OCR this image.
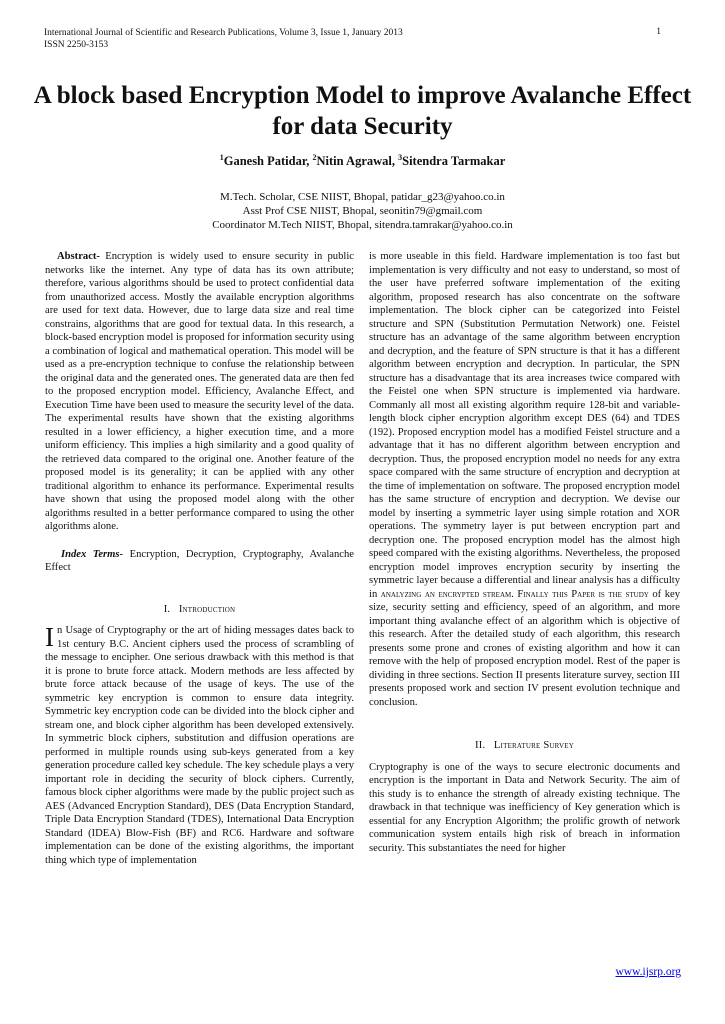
International Journal of Scientific and Research Publications, Volume 3, Issue 1, January 2013
ISSN 2250-3153
1
A block based Encryption Model to improve Avalanche Effect for data Security
$^1$Ganesh Patidar, $^2$Nitin Agrawal, $^3$Sitendra Tarmakar
M.Tech. Scholar, CSE NIIST, Bhopal, patidar_g23@yahoo.co.in
Asst Prof CSE NIIST, Bhopal, seonitin79@gmail.com
Coordinator M.Tech NIIST, Bhopal, sitendra.tamrakar@yahoo.co.in

Abstract- Encryption is widely used to ensure security in public networks like the internet. Any type of data has its own attribute; therefore, various algorithms should be used to protect confidential data from unauthorized access. Mostly the available encryption algorithms are used for text data. However, due to large data size and real time constrains, algorithms that are good for textual data. In this research, a block-based encryption model is proposed for information security using a combination of logical and mathematical operation. This model will be used as a pre-encryption technique to confuse the relationship between the original data and the generated ones. The generated data are then fed to the proposed encryption model. Efficiency, Avalanche Effect, and Execution Time have been used to measure the security level of the data. The experimental results have shown that the existing algorithms resulted in a lower efficiency, a higher execution time, and a more uniform efficiency. This implies a high similarity and a good quality of the retrieved data compared to the original one. Another feature of the proposed model is its generality; it can be applied with any other traditional algorithm to enhance its performance. Experimental results have shown that using the proposed model along with the other algorithms resulted in a better performance compared to using the other algorithms alone.

Index Terms- Encryption, Decryption, Cryptography, Avalanche Effect

I. Introduction

In Usage of Cryptography or the art of hiding messages dates back to 1st century B.C. Ancient ciphers used the process of scrambling of the message to encipher. One serious drawback with this method is that it is prone to brute force attack. Modern methods are less affected by brute force attack because of the usage of keys. The use of the symmetric key encryption is common to ensure data integrity. Symmetric key encryption code can be divided into the block cipher and stream one, and block cipher algorithm has been developed extensively. In symmetric block ciphers, substitution and diffusion operations are performed in multiple rounds using sub-keys generated from a key generation procedure called key schedule. The key schedule plays a very important role in deciding the security of block ciphers. Currently, famous block cipher algorithms were made by the public project such as AES (Advanced Encryption Standard), DES (Data Encryption Standard, Triple Data Encryption Standard (TDES), International Data Encryption Standard (IDEA) Blow-Fish (BF) and RC6. Hardware and software implementation can be done of the existing algorithms, the important thing which type of implementation

is more useable in this field. Hardware implementation is too fast but implementation is very difficulty and not easy to understand, so most of the user have preferred software implementation of the exiting algorithm, proposed research has also concentrate on the software implementation. The block cipher can be categorized into Feistel structure and SPN (Substitution Permutation Network) one. Feistel structure has an advantage of the same algorithm between encryption and decryption, and the feature of SPN structure is that it has a different algorithm between encryption and decryption. In particular, the SPN structure has a disadvantage that its area increases twice compared with the Feistel one when SPN structure is implemented via hardware. Commanly all most all existing algorithm require 128-bit and variable-length block cipher encryption algorithm except DES (64) and TDES (192). Proposed encryption model has a modified Feistel structure and a advantage that it has no different algorithm between encryption and decryption. Thus, the proposed encryption model no needs for any extra space compared with the same structure of encryption and decryption at the time of implementation on software. The proposed encryption model has the same structure of encryption and decryption. We devise our model by inserting a symmetric layer using simple rotation and XOR operations. The symmetry layer is put between encryption part and decryption one. The proposed encryption model has the almost high speed compared with the existing algorithms. Nevertheless, the proposed encryption model improves encryption security by inserting the symmetric layer because a differential and linear analysis has a difficulty in analyzing an encrypted stream. Finally this Paper is the study of key size, security setting and efficiency, speed of an algorithm, and more important thing avalanche effect of an algorithm which is objective of this research. After the detailed study of each algorithm, this research presents some prone and crones of existing algorithm and how it can remove with the help of proposed encryption model. Rest of the paper is dividing in three sections. Section II presents literature survey, section III presents proposed work and section IV present evolution technique and conclusion.

II. Literature Survey

Cryptography is one of the ways to secure electronic documents and encryption is the important in Data and Network Security. The aim of this study is to enhance the strength of already existing technique. The drawback in that technique was inefficiency of Key generation which is essential for any Encryption Algorithm; the prolific growth of network communication system entails high risk of breach in information security. This substantiates the need for higher

www.ijsrp.org
